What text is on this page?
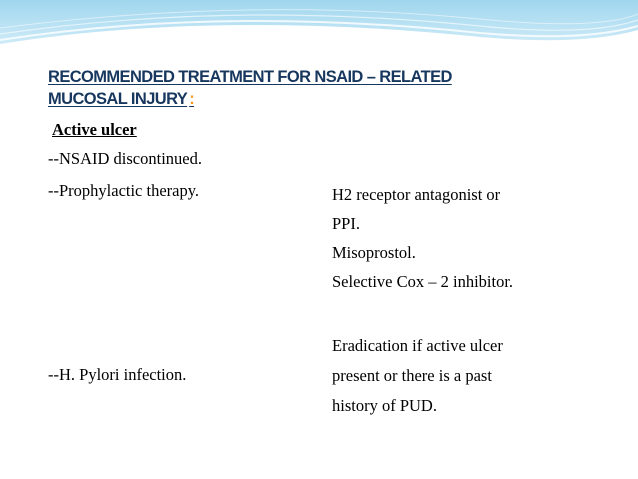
RECOMMENDED TREATMENT FOR NSAID – RELATED
MUCOSAL INJURY :
Active ulcer
--NSAID discontinued.
--Prophylactic therapy.
--H. Pylori infection.
H2 receptor antagonist or
PPI.
Misoprostol.
Selective Cox – 2 inhibitor.
Eradication if active ulcer
present or there is a past
history of PUD.
